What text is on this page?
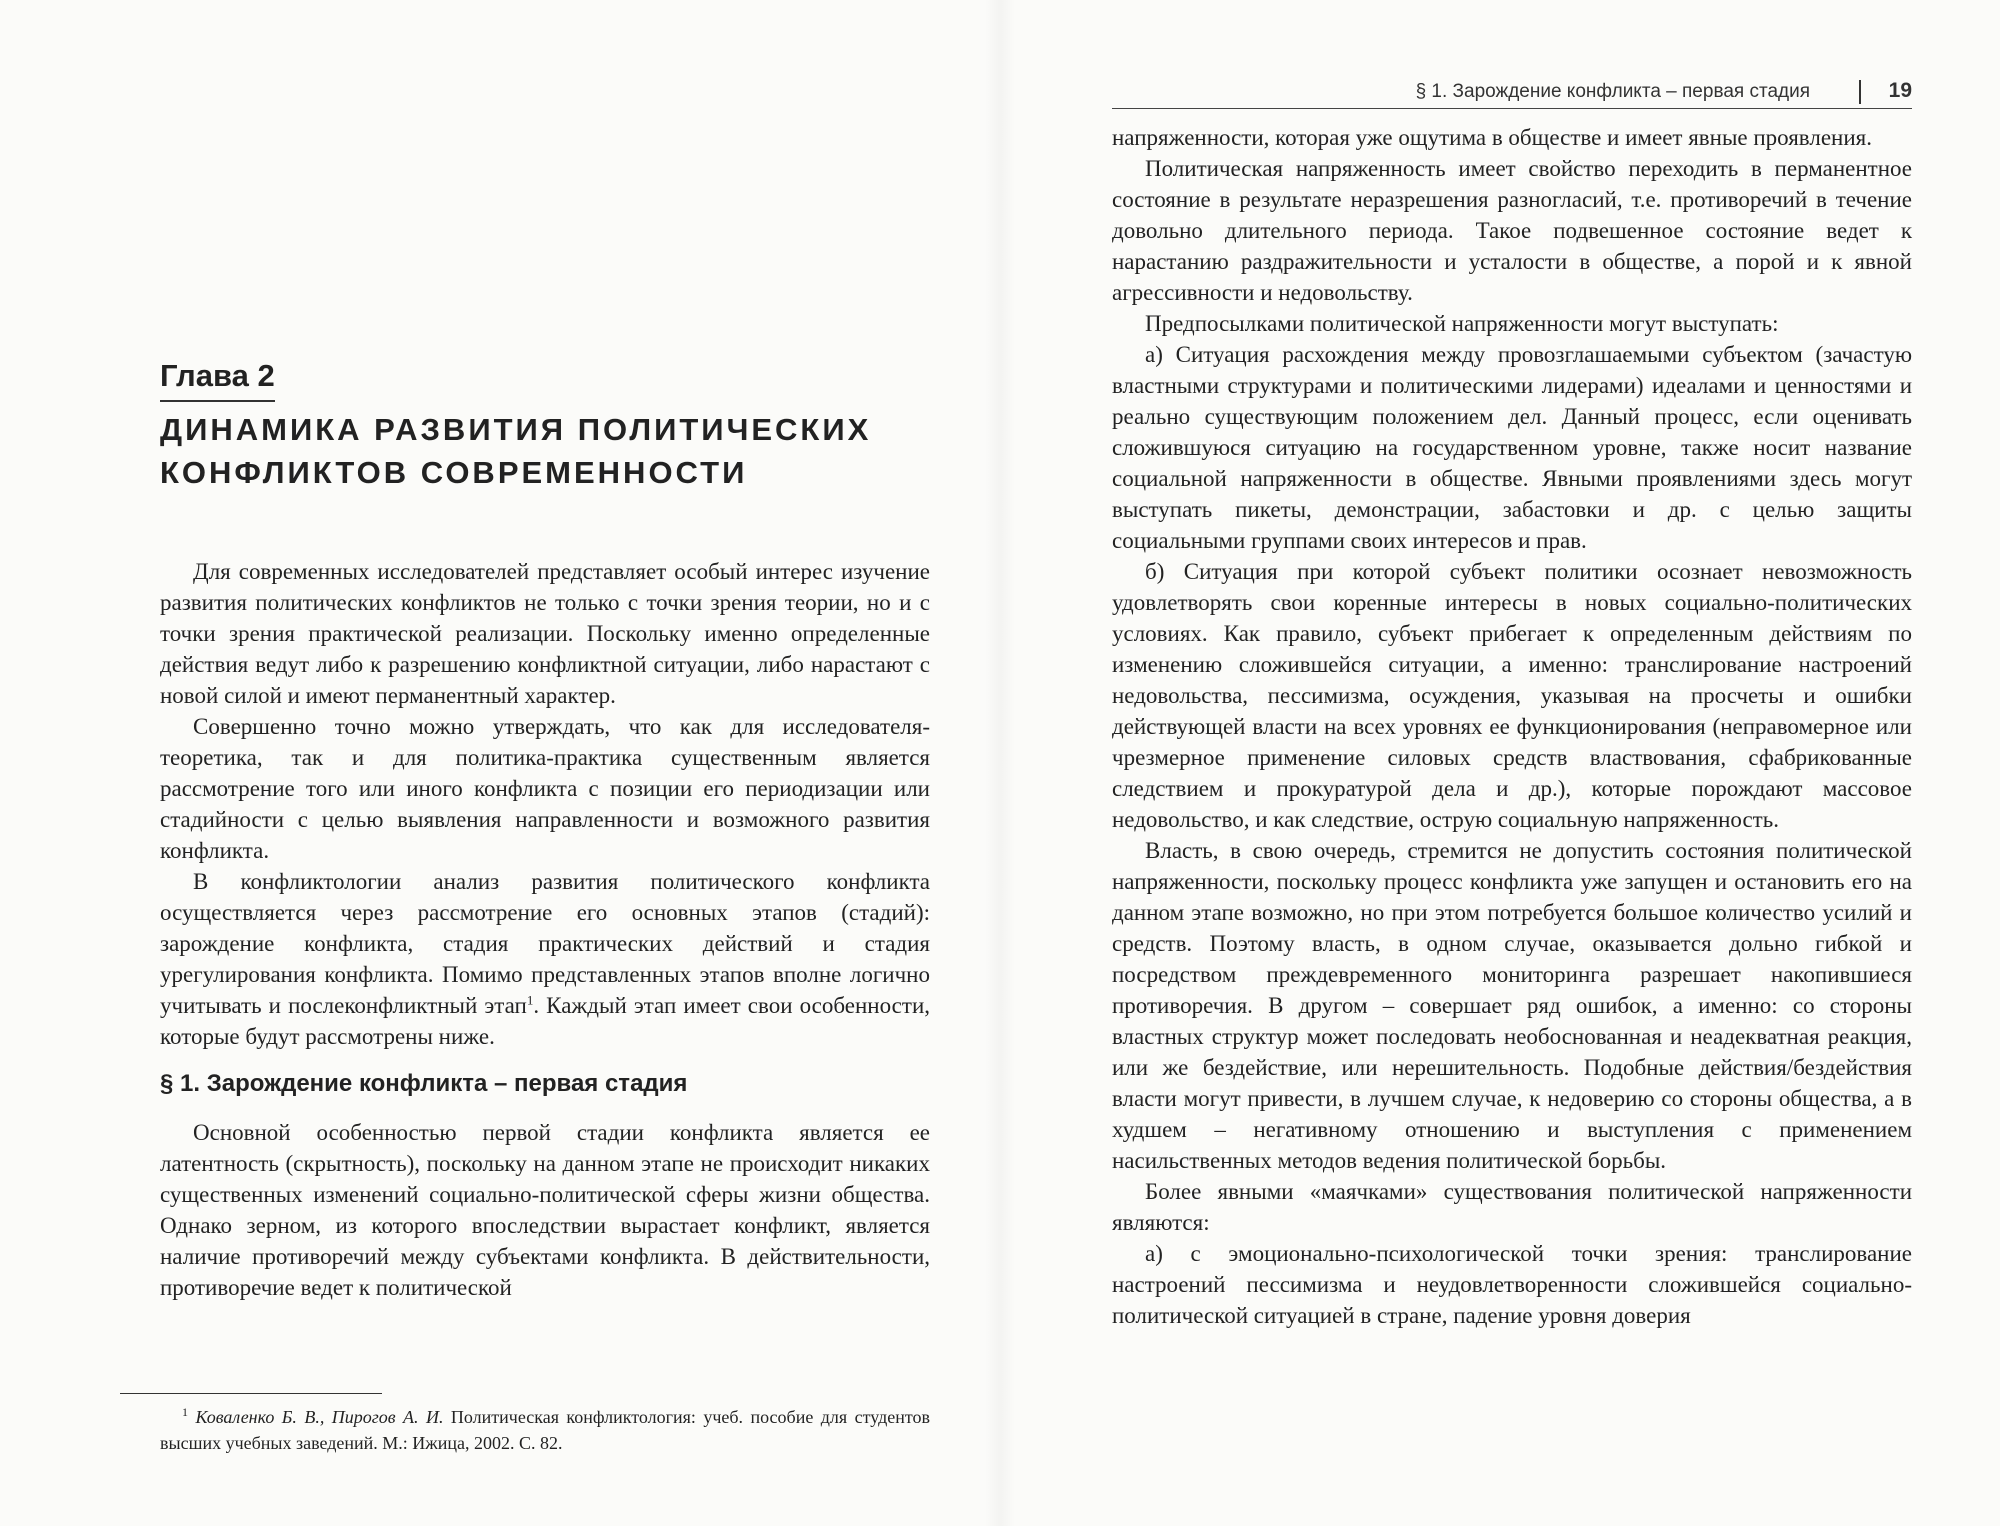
Глава 2
ДИНАМИКА РАЗВИТИЯ ПОЛИТИЧЕСКИХ КОНФЛИКТОВ СОВРЕМЕННОСТИ

Для современных исследователей представляет особый интерес изучение развития политических конфликтов не только с точки зрения теории, но и с точки зрения практической реализации. Поскольку именно определенные действия ведут либо к разрешению конфликтной ситуации, либо нарастают с новой силой и имеют перманентный характер.

Совершенно точно можно утверждать, что как для исследователя-теоретика, так и для политика-практика существенным является рассмотрение того или иного конфликта с позиции его периодизации или стадийности с целью выявления направленности и возможного развития конфликта.

В конфликтологии анализ развития политического конфликта осуществляется через рассмотрение его основных этапов (стадий): зарождение конфликта, стадия практических действий и стадия урегулирования конфликта. Помимо представленных этапов вполне логично учитывать и послеконфликтный этап$^1$. Каждый этап имеет свои особенности, которые будут рассмотрены ниже.

§ 1. Зарождение конфликта – первая стадия

Основной особенностью первой стадии конфликта является ее латентность (скрытность), поскольку на данном этапе не происходит никаких существенных изменений социально-политической сферы жизни общества. Однако зерном, из которого впоследствии вырастает конфликт, является наличие противоречий между субъектами конфликта. В действительности, противоречие ведет к политической

$^1$ Коваленко Б. В., Пирогов А. И. Политическая конфликтология: учеб. пособие для студентов высших учебных заведений. М.: Ижица, 2002. С. 82.

§ 1. Зарождение конфликта – первая стадия	19

напряженности, которая уже ощутима в обществе и имеет явные проявления.

Политическая напряженность имеет свойство переходить в перманентное состояние в результате неразрешения разногласий, т.е. противоречий в течение довольно длительного периода. Такое подвешенное состояние ведет к нарастанию раздражительности и усталости в обществе, а порой и к явной агрессивности и недовольству.

Предпосылками политической напряженности могут выступать:

а) Ситуация расхождения между провозглашаемыми субъектом (зачастую властными структурами и политическими лидерами) идеалами и ценностями и реально существующим положением дел. Данный процесс, если оценивать сложившуюся ситуацию на государственном уровне, также носит название социальной напряженности в обществе. Явными проявлениями здесь могут выступать пикеты, демонстрации, забастовки и др. с целью защиты социальными группами своих интересов и прав.

б) Ситуация при которой субъект политики осознает невозможность удовлетворять свои коренные интересы в новых социально-политических условиях. Как правило, субъект прибегает к определенным действиям по изменению сложившейся ситуации, а именно: транслирование настроений недовольства, пессимизма, осуждения, указывая на просчеты и ошибки действующей власти на всех уровнях ее функционирования (неправомерное или чрезмерное применение силовых средств властвования, сфабрикованные следствием и прокуратурой дела и др.), которые порождают массовое недовольство, и как следствие, острую социальную напряженность.

Власть, в свою очередь, стремится не допустить состояния политической напряженности, поскольку процесс конфликта уже запущен и остановить его на данном этапе возможно, но при этом потребуется большое количество усилий и средств. Поэтому власть, в одном случае, оказывается дольно гибкой и посредством преждевременного мониторинга разрешает накопившиеся противоречия. В другом – совершает ряд ошибок, а именно: со стороны властных структур может последовать необоснованная и неадекватная реакция, или же бездействие, или нерешительность. Подобные действия/бездействия власти могут привести, в лучшем случае, к недоверию со стороны общества, а в худшем – негативному отношению и выступления с применением насильственных методов ведения политической борьбы.

Более явными «маячками» существования политической напряженности являются:

а) с эмоционально-психологической точки зрения: транслирование настроений пессимизма и неудовлетворенности сложившейся социально-политической ситуацией в стране, падение уровня доверия
